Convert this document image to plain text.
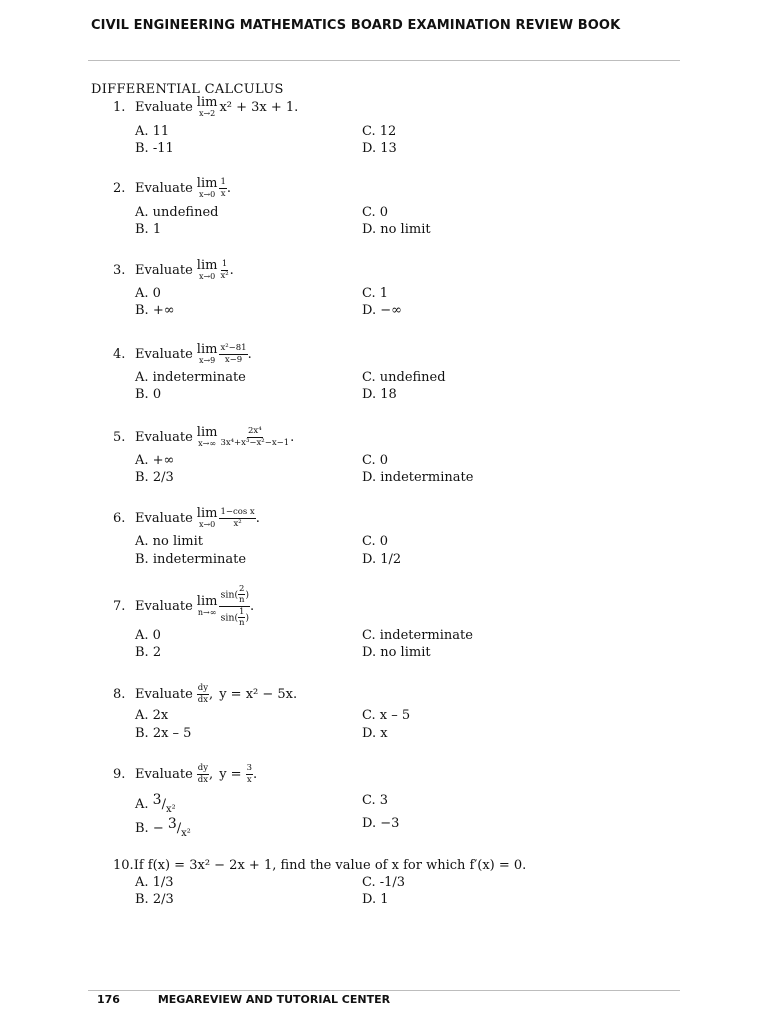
CIVIL ENGINEERING MATHEMATICS BOARD EXAMINATION REVIEW BOOK
DIFFERENTIAL CALCULUS
1. Evaluate lim
x→2 x² + 3x + 1.
A. 11
B. -11
C. 12
D. 13
2. Evaluate lim
$x\to 0 \frac{1}{x}$ .
A. undefined
B. 1
C. 0
D. no limit
3. Evaluate lim
$x\to 0 \frac{1}{\text{x²}}$ .
A. 0
B. +∞
C. 1
D. −∞
4. Evaluate lim
$x\to 9 \frac{\text{x²−81}}{x-9}$ .
A. indeterminate
B. 0
C. undefined
D. 18
5. Evaluate lim
$x\to\infty \frac{\text{2x⁴}}{\text{3x⁴+x³−x²−x−1}}$ .
A. +∞
B. 2/3
C. 0
D. indeterminate
6. Evaluate lim
$x\to 0 \frac{\text{1−cos x}}{\text{x²}}$ .
A. no limit
B. indeterminate
C. 0
D. 1/2
7. Evaluate lim
$n\to\infty \frac{\sin( \frac{2}{n} )}{\sin( \frac{1}{n} )}$ .
A. 0
B. 2
C. indeterminate
D. no limit
8. Evaluate $\frac{dy}{dx}$ , y = x² − 5x.
A. 2x
B. 2x – 5
C. x – 5
D. x
9. Evaluate $\frac{dy}{dx}$ , $y = \frac{3}{x}$ .
A. $3/_{x^2}$
B. − $3/_{x^2}$
C. 3
D. −3
10. If f(x) = 3x² − 2x + 1, find the value of x for which f′(x) = 0.
A. 1/3
B. 2/3
C. -1/3
D. 1
176	MEGAREVIEW AND TUTORIAL CENTER
